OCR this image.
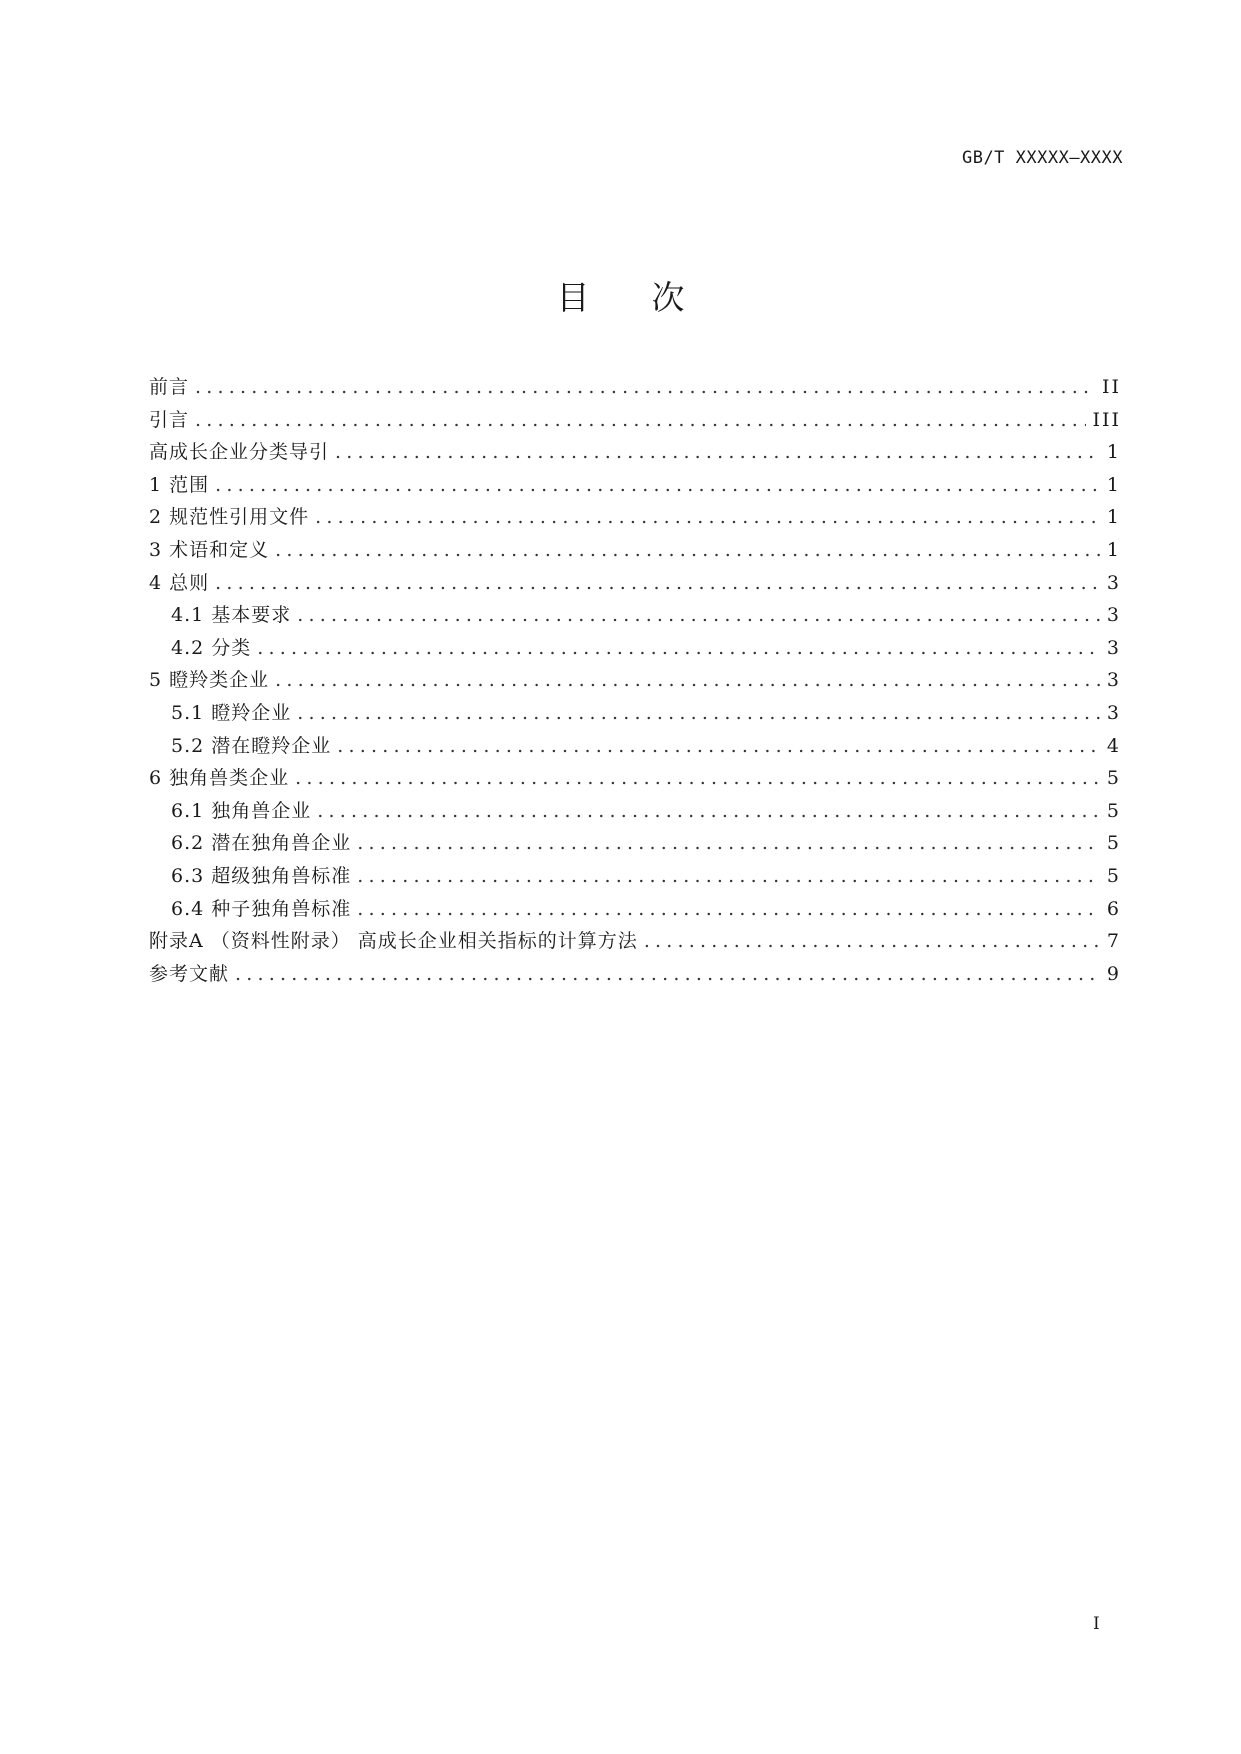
GB/T XXXXX—XXXX
目次
前言 .....	II
引言 .....	III
高成长企业分类导引 .....	1
1 范围 .....	1
2 规范性引用文件 .....	1
3 术语和定义 .....	1
4 总则 .....	3
4.1 基本要求 .....	3
4.2 分类 .....	3
5 瞪羚类企业 .....	3
5.1 瞪羚企业 .....	3
5.2 潜在瞪羚企业 .....	4
6 独角兽类企业 .....	5
6.1 独角兽企业 .....	5
6.2 潜在独角兽企业 .....	5
6.3 超级独角兽标准 .....	5
6.4 种子独角兽标准 .....	6
附录A （资料性附录） 高成长企业相关指标的计算方法 .....	7
参考文献 .....	9
I
